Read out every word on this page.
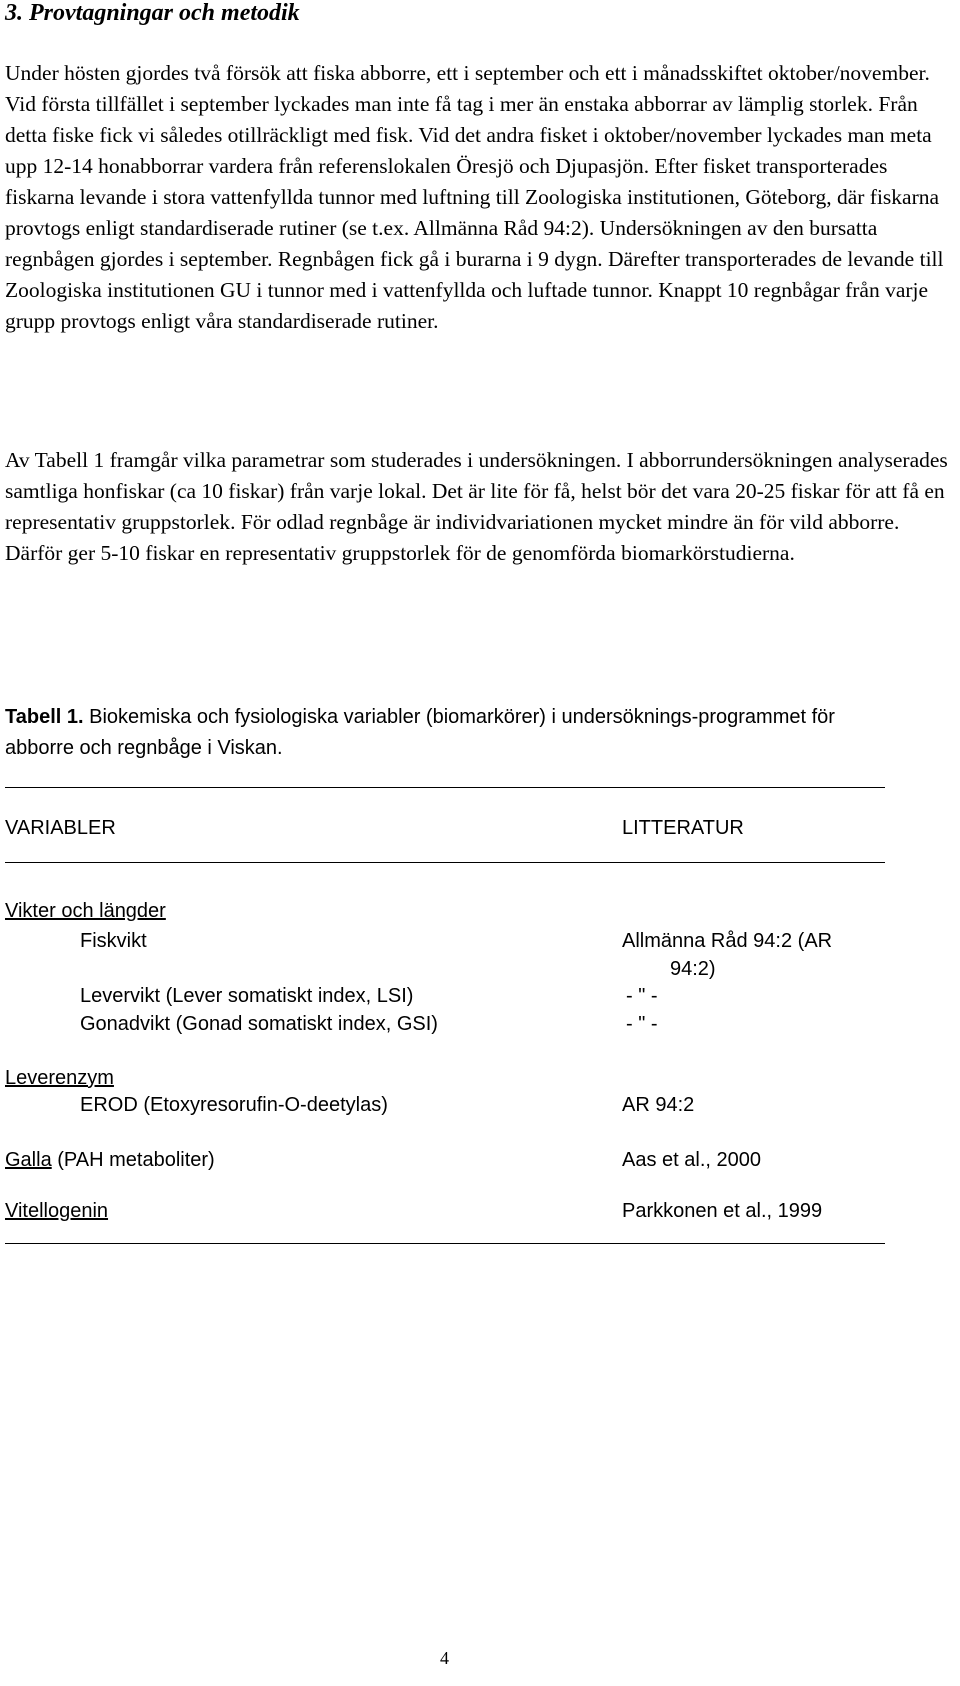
3. Provtagningar och metodik
Under hösten gjordes två försök att fiska abborre, ett i september och ett i månadsskiftet oktober/november. Vid första tillfället i september lyckades man inte få tag i mer än enstaka abborrar av lämplig storlek. Från detta fiske fick vi således otillräckligt med fisk. Vid det andra fisket i oktober/november lyckades man meta upp 12-14 honabborrar vardera från referenslokalen Öresjö och Djupasjön. Efter fisket transporterades fiskarna levande i stora vattenfyllda tunnor med luftning till Zoologiska institutionen, Göteborg, där fiskarna provtogs enligt standardiserade rutiner (se t.ex. Allmänna Råd 94:2). Undersökningen av den bursatta regnbågen gjordes i september. Regnbågen fick gå i burarna i 9 dygn. Därefter transporterades de levande till Zoologiska institutionen GU i tunnor med i vattenfyllda och luftade tunnor. Knappt 10 regnbågar från varje grupp provtogs enligt våra standardiserade rutiner.
Av Tabell 1 framgår vilka parametrar som studerades i undersökningen. I abborrundersökningen analyserades samtliga honfiskar (ca 10 fiskar) från varje lokal. Det är lite för få, helst bör det vara 20-25 fiskar för att få en representativ gruppstorlek. För odlad regnbåge är individvariationen mycket mindre än för vild abborre. Därför ger 5-10 fiskar en representativ gruppstorlek för de genomförda biomarkörstudierna.
Tabell 1. Biokemiska och fysiologiska variabler (biomarkörer) i undersöknings-programmet för abborre och regnbåge i Viskan.
VARIABLER	LITTERATUR
Vikter och längder
Fiskvikt	Allmänna Råd 94:2 (AR
94:2)
Levervikt (Lever somatiskt index, LSI)	- " -
Gonadvikt (Gonad somatiskt index, GSI)	- " -
Leverenzym
EROD (Etoxyresorufin-O-deetylas)	AR 94:2
Galla (PAH metaboliter)	Aas et al., 2000
Vitellogenin	Parkkonen et al., 1999
4
